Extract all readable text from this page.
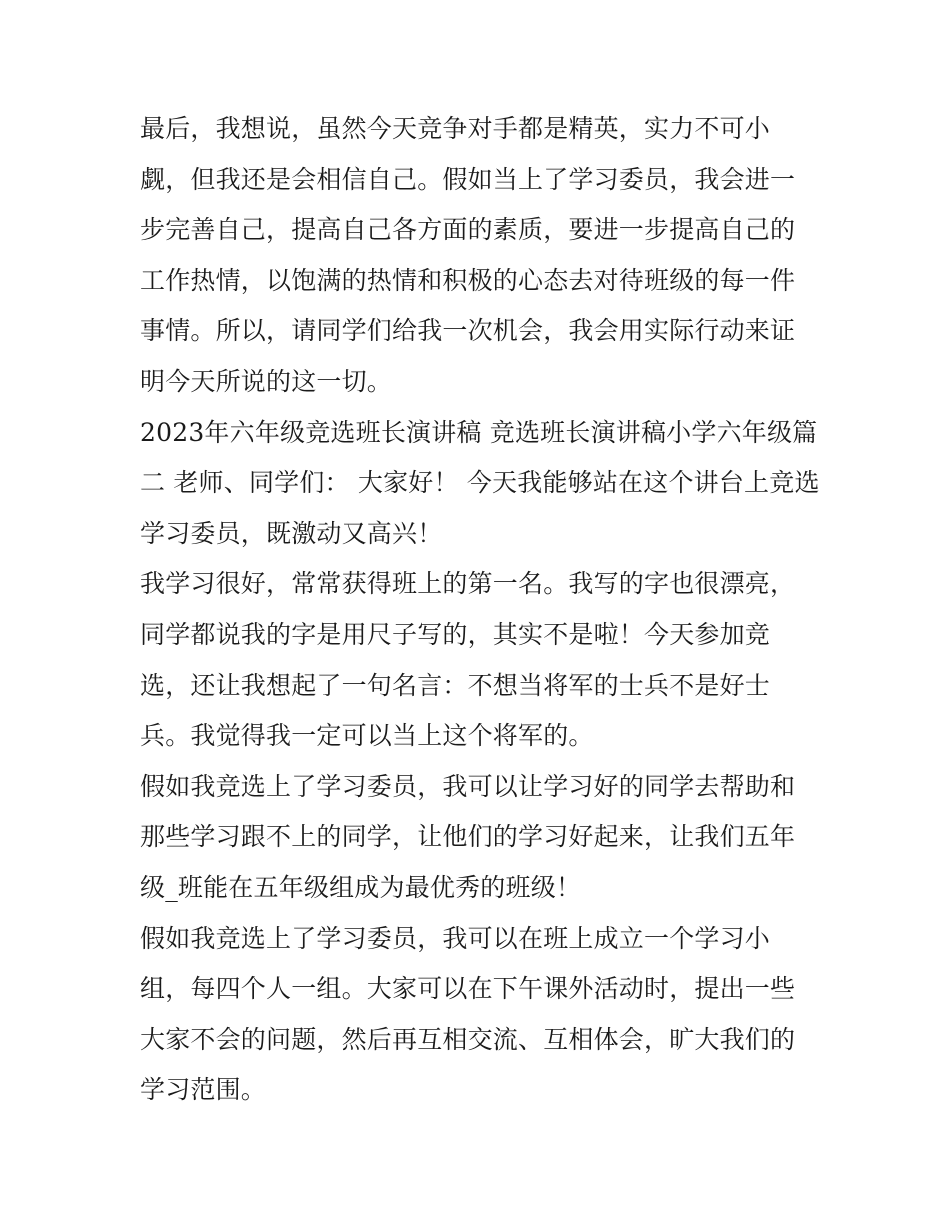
最后，我想说，虽然今天竞争对手都是精英，实力不可小觑，但我还是会相信自己。假如当上了学习委员，我会进一步完善自己，提高自己各方面的素质，要进一步提高自己的工作热情，以饱满的热情和积极的心态去对待班级的每一件事情。所以，请同学们给我一次机会，我会用实际行动来证明今天所说的这一切。

2023年六年级竞选班长演讲稿 竞选班长演讲稿小学六年级篇二 老师、同学们： 大家好！ 今天我能够站在这个讲台上竞选学习委员，既激动又高兴！

我学习很好，常常获得班上的第一名。我写的字也很漂亮，同学都说我的字是用尺子写的，其实不是啦！今天参加竞选，还让我想起了一句名言：不想当将军的士兵不是好士兵。我觉得我一定可以当上这个将军的。

假如我竞选上了学习委员，我可以让学习好的同学去帮助和那些学习跟不上的同学，让他们的学习好起来，让我们五年级_班能在五年级组成为最优秀的班级！

假如我竞选上了学习委员，我可以在班上成立一个学习小组，每四个人一组。大家可以在下午课外活动时，提出一些大家不会的问题，然后再互相交流、互相体会，旷大我们的学习范围。
